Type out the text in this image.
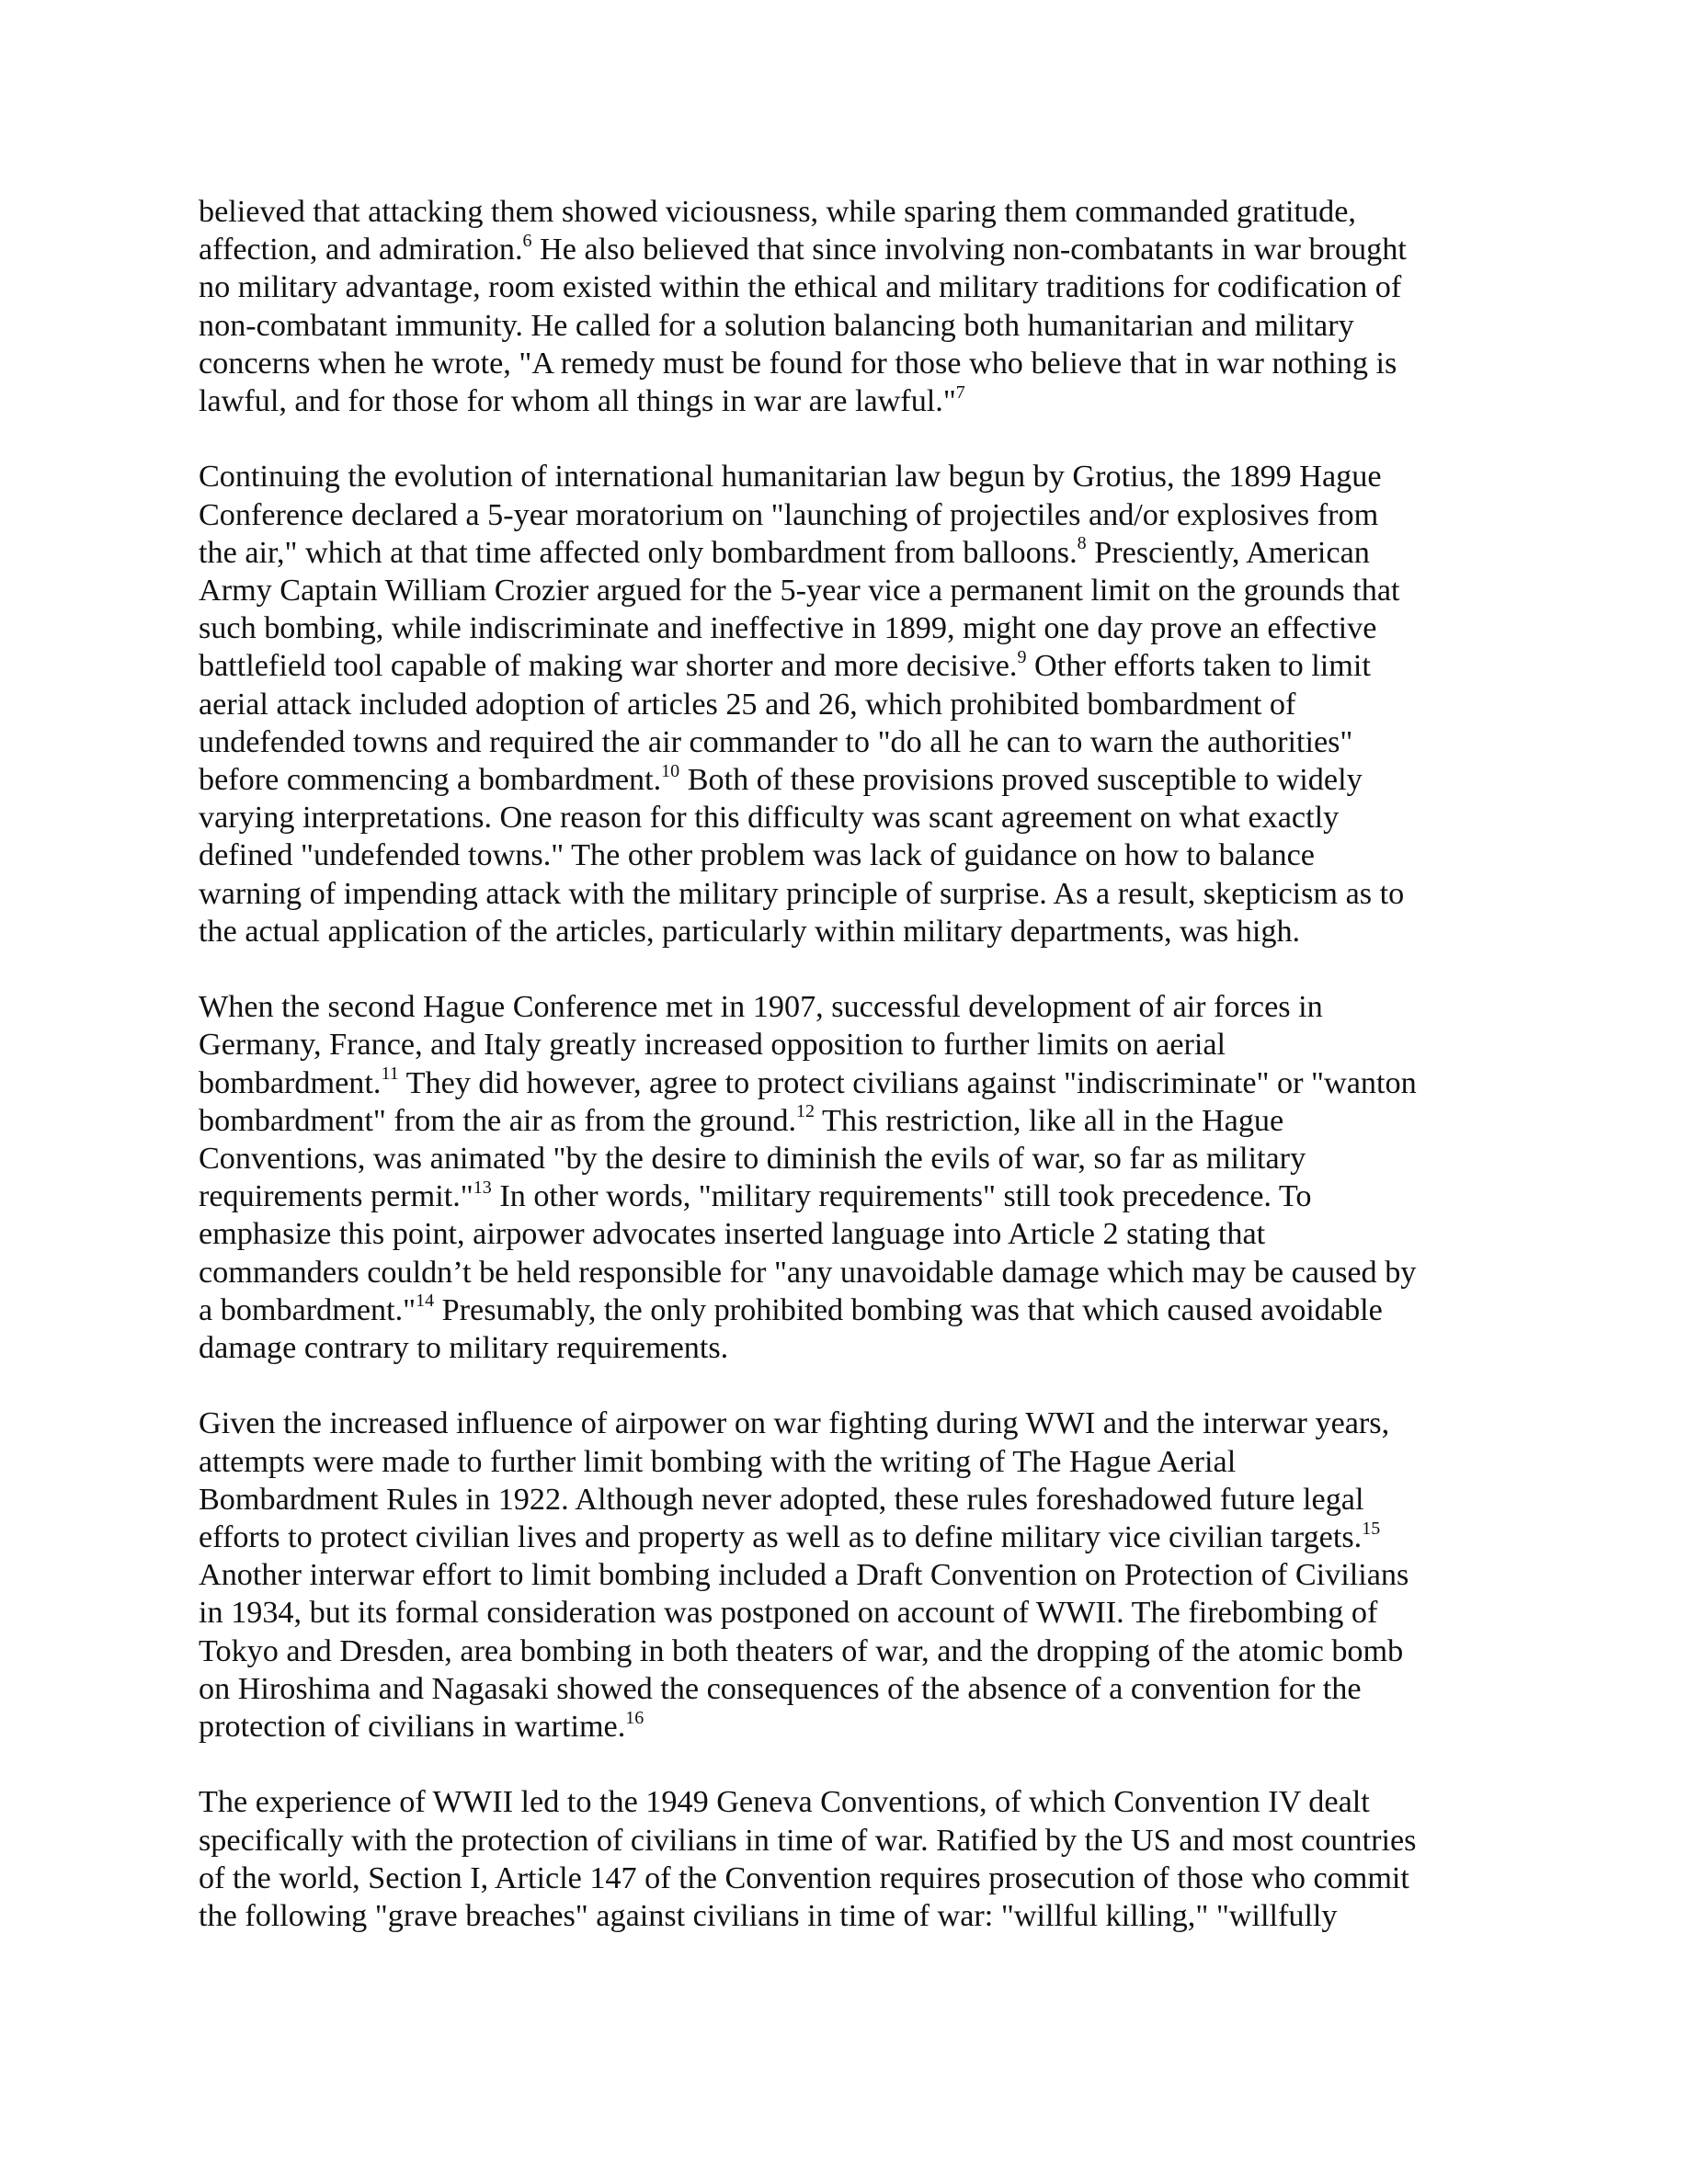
believed that attacking them showed viciousness, while sparing them commanded gratitude,
affection, and admiration.$^6$ He also believed that since involving non-combatants in war brought
no military advantage, room existed within the ethical and military traditions for codification of
non-combatant immunity. He called for a solution balancing both humanitarian and military
concerns when he wrote, "A remedy must be found for those who believe that in war nothing is
lawful, and for those for whom all things in war are lawful."$^7$
Continuing the evolution of international humanitarian law begun by Grotius, the 1899 Hague
Conference declared a 5-year moratorium on "launching of projectiles and/or explosives from
the air," which at that time affected only bombardment from balloons.$^8$ Presciently, American
Army Captain William Crozier argued for the 5-year vice a permanent limit on the grounds that
such bombing, while indiscriminate and ineffective in 1899, might one day prove an effective
battlefield tool capable of making war shorter and more decisive.$^9$ Other efforts taken to limit
aerial attack included adoption of articles 25 and 26, which prohibited bombardment of
undefended towns and required the air commander to "do all he can to warn the authorities"
before commencing a bombardment.$^{10}$ Both of these provisions proved susceptible to widely
varying interpretations. One reason for this difficulty was scant agreement on what exactly
defined "undefended towns." The other problem was lack of guidance on how to balance
warning of impending attack with the military principle of surprise. As a result, skepticism as to
the actual application of the articles, particularly within military departments, was high.
When the second Hague Conference met in 1907, successful development of air forces in
Germany, France, and Italy greatly increased opposition to further limits on aerial
bombardment.$^{11}$ They did however, agree to protect civilians against "indiscriminate" or "wanton
bombardment" from the air as from the ground.$^{12}$ This restriction, like all in the Hague
Conventions, was animated "by the desire to diminish the evils of war, so far as military
requirements permit."$^{13}$ In other words, "military requirements" still took precedence. To
emphasize this point, airpower advocates inserted language into Article 2 stating that
commanders couldn’t be held responsible for "any unavoidable damage which may be caused by
a bombardment."$^{14}$ Presumably, the only prohibited bombing was that which caused avoidable
damage contrary to military requirements.
Given the increased influence of airpower on war fighting during WWI and the interwar years,
attempts were made to further limit bombing with the writing of The Hague Aerial
Bombardment Rules in 1922. Although never adopted, these rules foreshadowed future legal
efforts to protect civilian lives and property as well as to define military vice civilian targets.$^{15}$
Another interwar effort to limit bombing included a Draft Convention on Protection of Civilians
in 1934, but its formal consideration was postponed on account of WWII. The firebombing of
Tokyo and Dresden, area bombing in both theaters of war, and the dropping of the atomic bomb
on Hiroshima and Nagasaki showed the consequences of the absence of a convention for the
protection of civilians in wartime.$^{16}$
The experience of WWII led to the 1949 Geneva Conventions, of which Convention IV dealt
specifically with the protection of civilians in time of war. Ratified by the US and most countries
of the world, Section I, Article 147 of the Convention requires prosecution of those who commit
the following "grave breaches" against civilians in time of war: "willful killing," "willfully
